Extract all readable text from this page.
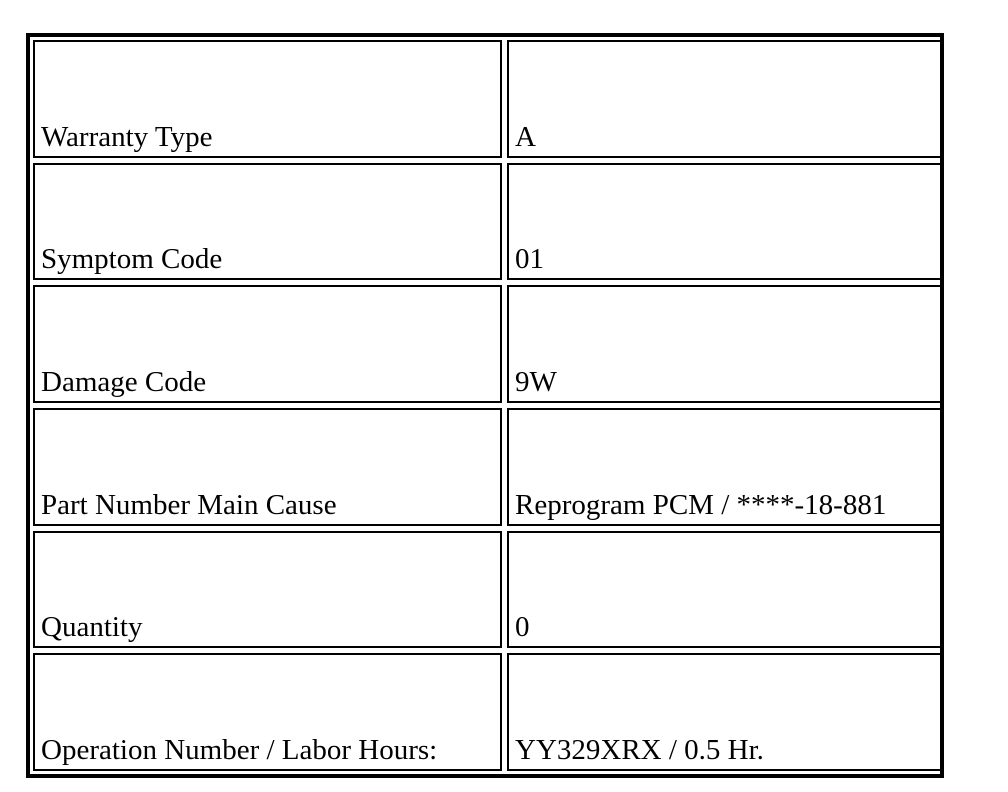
Warranty Type	A
Symptom Code	01
Damage Code	9W
Part Number Main Cause	Reprogram PCM / ****-18-881
Quantity	0
Operation Number / Labor Hours:	YY329XRX / 0.5 Hr.
